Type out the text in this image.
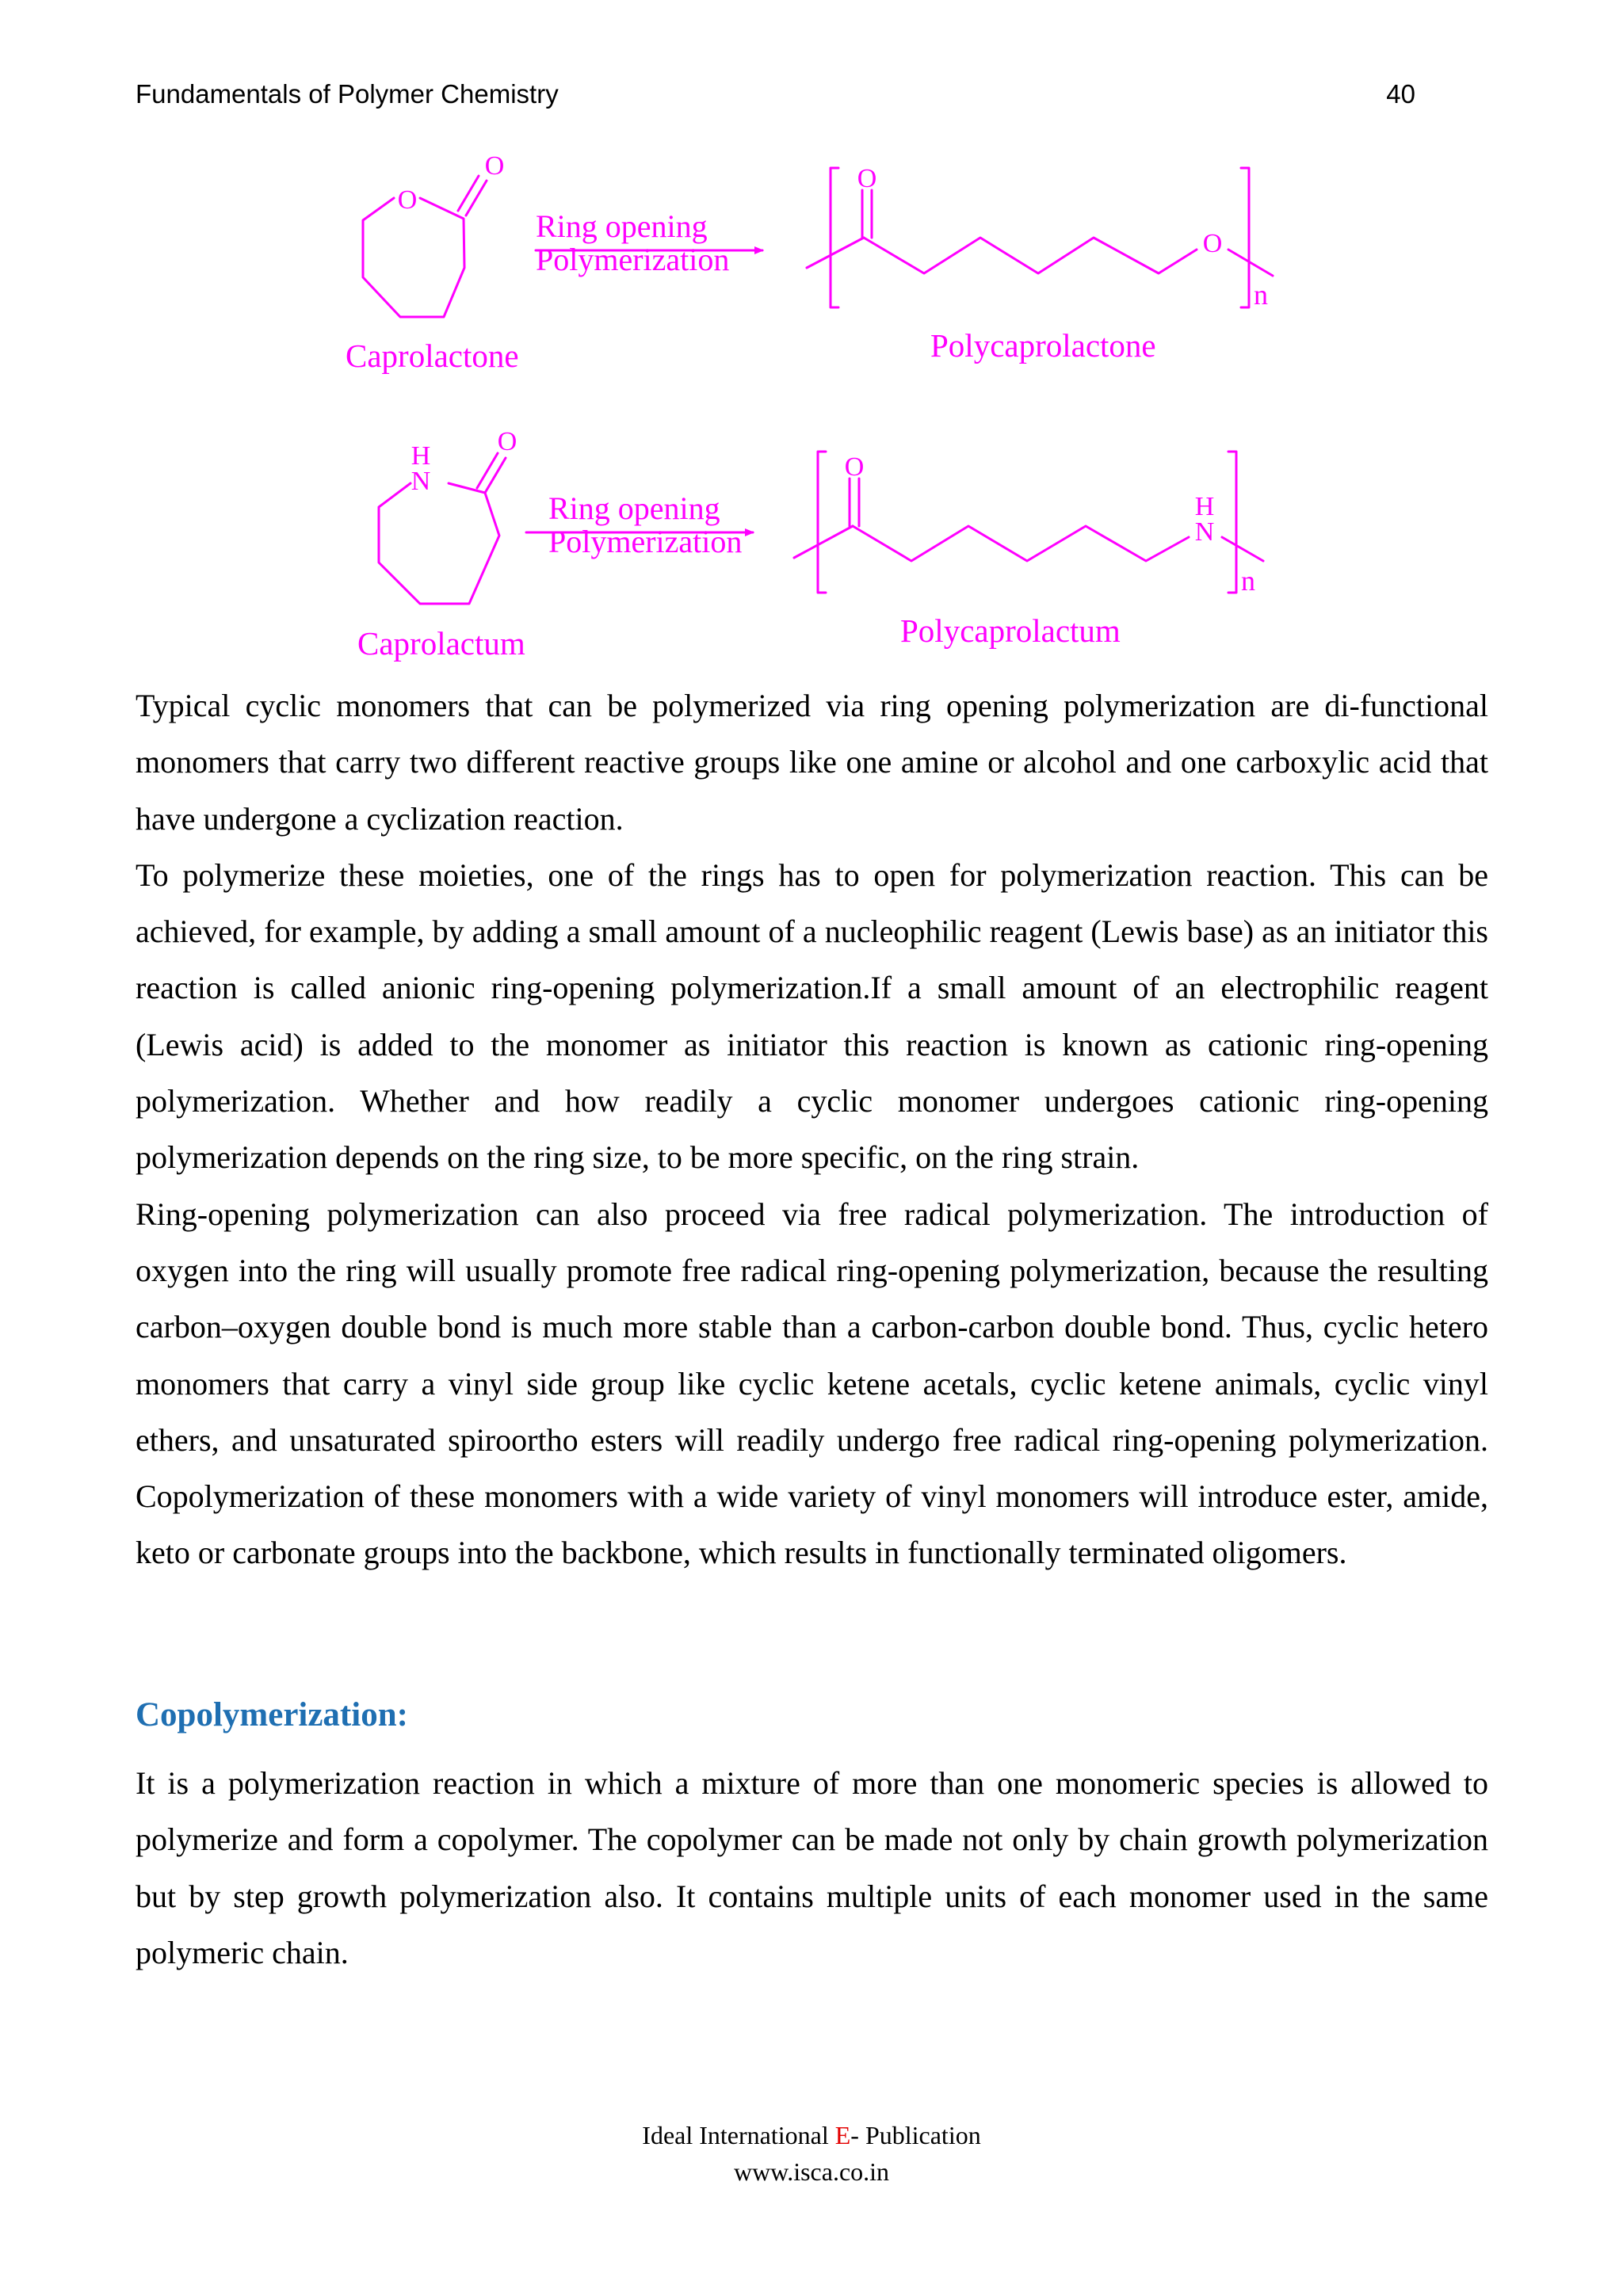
Fundamentals of Polymer Chemistry	40
O
O
Caprolactone
Ring opening
Polymerization
O
O
n
Polycaprolactone
H
N
O
Caprolactum
Ring opening
Polymerization
O
H
N
n
Polycaprolactum

Typical cyclic monomers that can be polymerized via ring opening polymerization are di-functional monomers that carry two different reactive groups like one amine or alcohol and one carboxylic acid that have undergone a cyclization reaction.

To polymerize these moieties, one of the rings has to open for polymerization reaction. This can be achieved, for example, by adding a small amount of a nucleophilic reagent (Lewis base) as an initiator this reaction is called anionic ring-opening polymerization.If a small amount of an electrophilic reagent (Lewis acid) is added to the monomer as initiator this reaction is known as cationic ring-opening polymerization. Whether and how readily a cyclic monomer undergoes cationic ring-opening polymerization depends on the ring size, to be more specific, on the ring strain.

Ring-opening polymerization can also proceed via free radical polymerization. The introduction of oxygen into the ring will usually promote free radical ring-opening polymerization, because the resulting carbon–oxygen double bond is much more stable than a carbon-carbon double bond. Thus, cyclic hetero monomers that carry a vinyl side group like cyclic ketene acetals, cyclic ketene animals, cyclic vinyl ethers, and unsaturated spiroortho esters will readily undergo free radical ring-opening polymerization. Copolymerization of these monomers with a wide variety of vinyl monomers will introduce ester, amide, keto or carbonate groups into the backbone, which results in functionally terminated oligomers.

Copolymerization:

It is a polymerization reaction in which a mixture of more than one monomeric species is allowed to polymerize and form a copolymer. The copolymer can be made not only by chain growth polymerization but by step growth polymerization also. It contains multiple units of each monomer used in the same polymeric chain.

Ideal International E- Publication
www.isca.co.in
